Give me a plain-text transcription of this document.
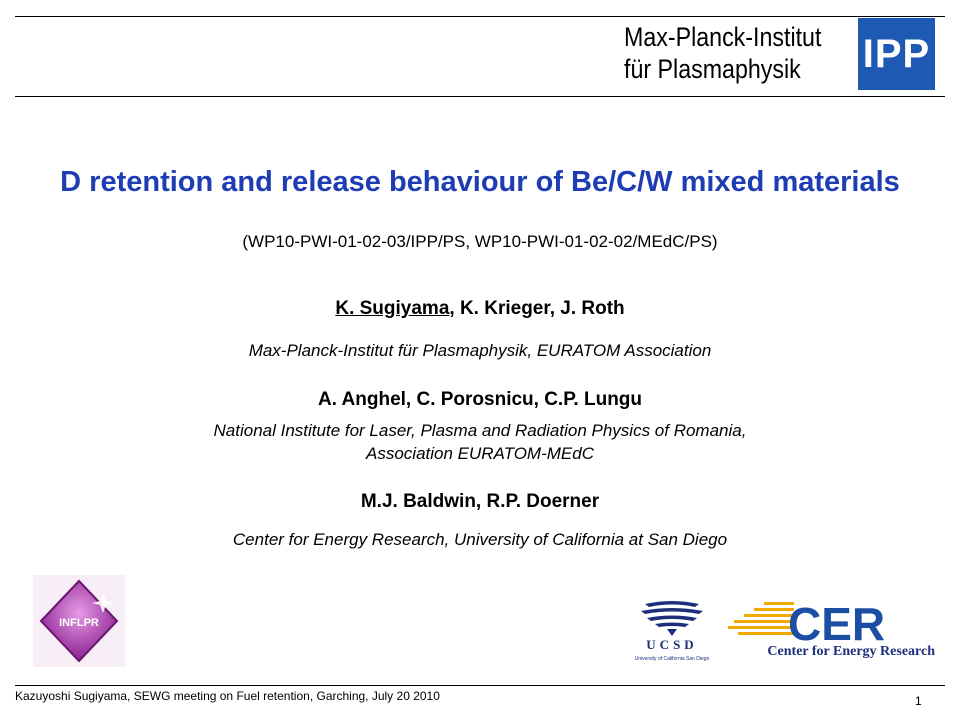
Max-Planck-Institut
für Plasmaphysik IPP
D retention and release behaviour of Be/C/W mixed materials
(WP10-PWI-01-02-03/IPP/PS, WP10-PWI-01-02-02/MEdC/PS)
K. Sugiyama, K. Krieger, J. Roth
Max-Planck-Institut für Plasmaphysik, EURATOM Association
A. Anghel, C. Porosnicu, C.P. Lungu
National Institute for Laser, Plasma and Radiation Physics of Romania,
Association EURATOM-MEdC
M.J. Baldwin, R.P. Doerner
Center for Energy Research, University of California at San Diego
INFLPR
UCSD
University of California San Diego
CER
Center for Energy Research
Kazuyoshi Sugiyama, SEWG meeting on Fuel retention, Garching, July 20 2010	1
